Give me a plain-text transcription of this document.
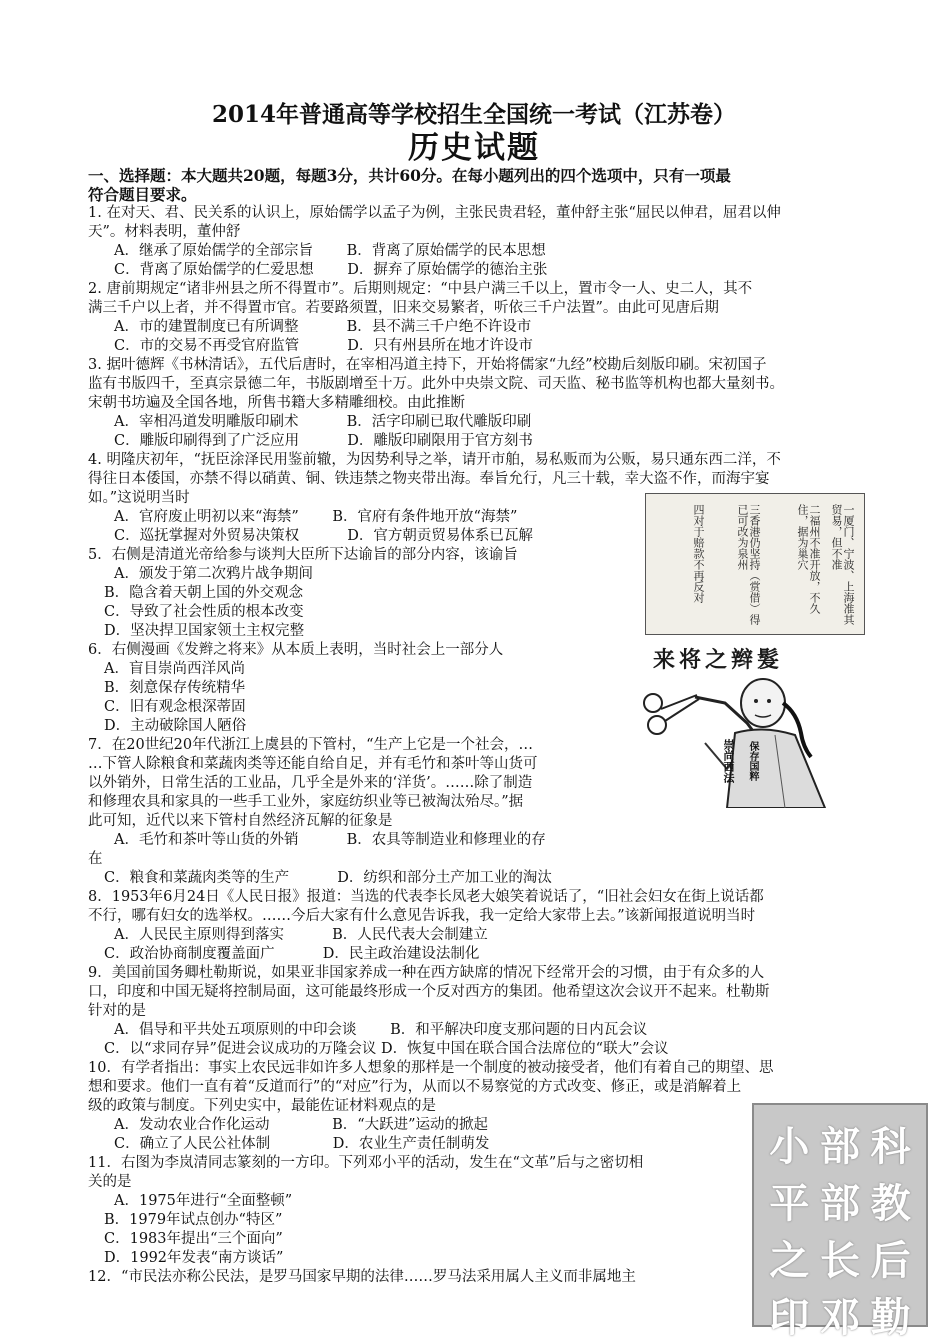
2014年普通高等学校招生全国统一考试（江苏卷）

历史试题

一、选择题：本大题共20题，每题3分，共计60分。在每小题列出的四个选项中，只有一项最

符合题目要求。

1. 在对天、君、民关系的认识上，原始儒学以孟子为例，主张民贵君轻，董仲舒主张“屈民以伸君，屈君以伸

天”。材料表明，董仲舒

A．继承了原始儒学的全部宗旨　　 B．背离了原始儒学的民本思想

C．背离了原始儒学的仁爱思想　　 D．摒弃了原始儒学的德治主张

2. 唐前期规定“诸非州县之所不得置市”。后期则规定：“中县户满三千以上，置市令一人、史二人，其不

满三千户以上者，并不得置市官。若要路须置，旧来交易繁者，听依三千户法置”。由此可见唐后期

A．市的建置制度已有所调整　　　 B．县不满三千户绝不许设市

C．市的交易不再受官府监管　　　 D．只有州县所在地才许设市

3. 据叶德辉《书林清话》，五代后唐时，在宰相冯道主持下，开始将儒家“九经”校勘后刻版印刷。宋初国子

监有书版四千，至真宗景德二年，书版剧增至十万。此外中央崇文院、司天监、秘书监等机构也都大量刻书。

宋朝书坊遍及全国各地，所售书籍大多精雕细校。由此推断

A．宰相冯道发明雕版印刷术　　　 B．活字印刷已取代雕版印刷

C．雕版印刷得到了广泛应用　　　 D．雕版印刷限用于官方刻书

4. 明隆庆初年，“抚臣涂泽民用鉴前辙，为因势利导之举，请开市舶，易私贩而为公贩，易只通东西二洋，不

得往日本倭国，亦禁不得以硝黄、铜、铁违禁之物夹带出海。奉旨允行，凡三十载，幸大盗不作，而海宇宴

如。”这说明当时

A．官府废止明初以来“海禁”　　 B．官府有条件地开放“海禁”

C．巡抚掌握对外贸易决策权　　　 D．官方朝贡贸易体系已瓦解

5．右侧是清道光帝给参与谈判大臣所下达谕旨的部分内容，该谕旨

A．颁发于第二次鸦片战争期间

B．隐含着天朝上国的外交观念

C．导致了社会性质的根本改变

D．坚决捍卫国家领土主权完整

6．右侧漫画《发辫之将来》从本质上表明，当时社会上一部分人

A．盲目崇尚西洋风尚

B．刻意保存传统精华

C．旧有观念根深蒂固

D．主动破除国人陋俗

7．在20世纪20年代浙江上虞县的下管村，“生产上它是一个社会，…

…下管人除粮食和菜蔬肉类等还能自给自足，并有毛竹和茶叶等山货可

以外销外，日常生活的工业品，几乎全是外来的‘洋货’。……除了制造

和修理农具和家具的一些手工业外，家庭纺织业等已被淘汰殆尽。”据

此可知，近代以来下管村自然经济瓦解的征象是

A．毛竹和茶叶等山货的外销　　　 B．农具等制造业和修理业的存

在

C．粮食和菜蔬肉类等的生产　　　 D．纺织和部分土产加工业的淘汰

8．1953年6月24日《人民日报》报道：当选的代表李长凤老大娘笑着说话了，“旧社会妇女在街上说话都

不行，哪有妇女的选举权。……今后大家有什么意见告诉我，我一定给大家带上去。”该新闻报道说明当时

A．人民民主原则得到落实　　　 B．人民代表大会制建立

C．政治协商制度覆盖面广　　　 D．民主政治建设法制化

9．美国前国务卿杜勒斯说，如果亚非国家养成一种在西方缺席的情况下经常开会的习惯，由于有众多的人

口，印度和中国无疑将控制局面，这可能最终形成一个反对西方的集团。他希望这次会议开不起来。杜勒斯

针对的是

A．倡导和平共处五项原则的中印会谈　　 B．和平解决印度支那问题的日内瓦会议

C．以“求同存异”促进会议成功的万隆会议 D．恢复中国在联合国合法席位的“联大”会议

10．有学者指出：事实上农民远非如许多人想象的那样是一个制度的被动接受者，他们有着自己的期望、思

想和要求。他们一直有着“反道而行”的“对应”行为，从而以不易察觉的方式改变、修正，或是消解着上

级的政策与制度。下列史实中，最能佐证材料观点的是

A．发动农业合作化运动　　　　 B．“大跃进”运动的掀起

C．确立了人民公社体制　　　　 D．农业生产责任制萌发

11．右图为李岚清同志篆刻的一方印。下列邓小平的活动，发生在“文革”后与之密切相

关的是

A．1975年进行“全面整顿”

B．1979年试点创办“特区”

C．1983年提出“三个面向”

D．1992年发表“南方谈话”

12．“市民法亦称公民法，是罗马国家早期的法律……罗马法采用属人主义而非属地主

一厦门、宁波、上海准其贸易，但不准
二福州不准开放，不久住，据为巢穴
三香港仍坚持（赏借）得已可改为泉州
四对于赔款不再反对
来将之辫髮
崇尚西法 保存国粹
小 部 科
平 部 教
之 长 后
印 邓 勤
